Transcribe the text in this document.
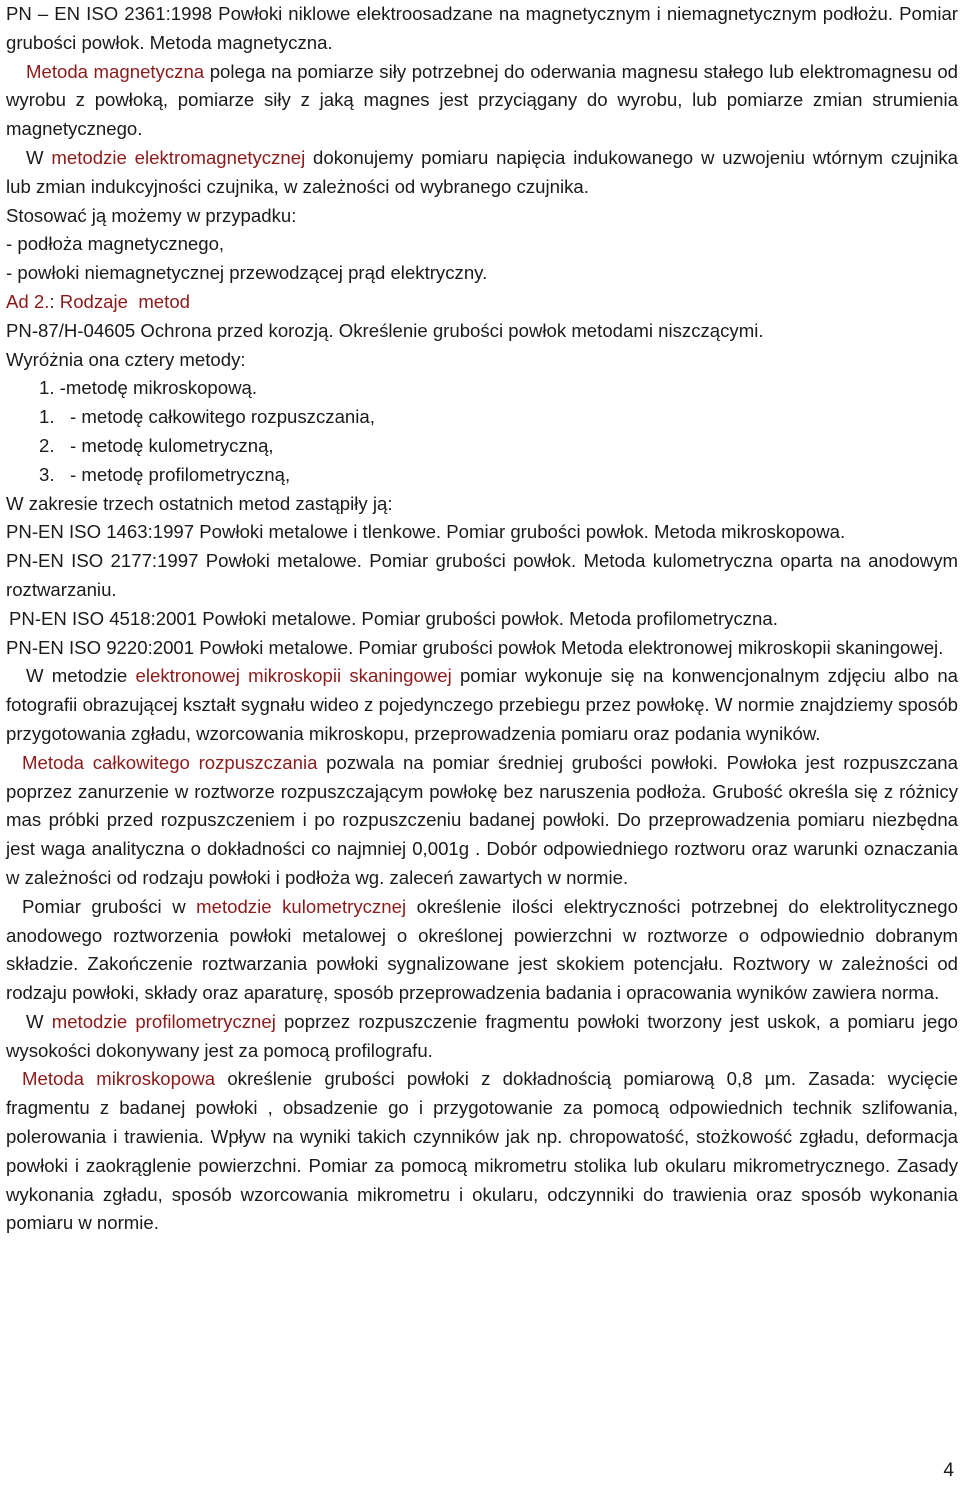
PN – EN ISO 2361:1998 Powłoki niklowe elektroosadzane na magnetycznym i niemagnetycznym podłożu. Pomiar grubości powłok. Metoda magnetyczna.

Metoda magnetyczna polega na pomiarze siły potrzebnej do oderwania magnesu stałego lub elektromagnesu od wyrobu z powłoką, pomiarze siły z jaką magnes jest przyciągany do wyrobu, lub pomiarze zmian strumienia magnetycznego.

W metodzie elektromagnetycznej dokonujemy pomiaru napięcia indukowanego w uzwojeniu wtórnym czujnika lub zmian indukcyjności czujnika, w zależności od wybranego czujnika.

Stosować ją możemy w przypadku:

- podłoża magnetycznego,

- powłoki niemagnetycznej przewodzącej prąd elektryczny.

Ad 2.: Rodzaje  metod

PN-87/H-04605 Ochrona przed korozją. Określenie grubości powłok metodami niszczącymi.

Wyróżnia ona cztery metody:

1. -metodę mikroskopową.

1.   - metodę całkowitego rozpuszczania,

2.   - metodę kulometryczną,

3.   - metodę profilometryczną,

W zakresie trzech ostatnich metod zastąpiły ją:

PN-EN ISO 1463:1997 Powłoki metalowe i tlenkowe. Pomiar grubości powłok. Metoda mikroskopowa.

PN-EN ISO 2177:1997 Powłoki metalowe. Pomiar grubości powłok. Metoda kulometryczna oparta na anodowym roztwarzaniu.

PN-EN ISO 4518:2001 Powłoki metalowe. Pomiar grubości powłok. Metoda profilometryczna.

PN-EN ISO 9220:2001 Powłoki metalowe. Pomiar grubości powłok Metoda elektronowej mikroskopii skaningowej.

W metodzie elektronowej mikroskopii skaningowej pomiar wykonuje się na konwencjonalnym zdjęciu albo na fotografii obrazującej kształt sygnału wideo z pojedynczego przebiegu przez powłokę. W normie znajdziemy sposób przygotowania zgładu, wzorcowania mikroskopu, przeprowadzenia pomiaru oraz podania wyników.

Metoda całkowitego rozpuszczania pozwala na pomiar średniej grubości powłoki. Powłoka jest rozpuszczana poprzez zanurzenie w roztworze rozpuszczającym powłokę bez naruszenia podłoża. Grubość określa się z różnicy mas próbki przed rozpuszczeniem i po rozpuszczeniu badanej powłoki. Do przeprowadzenia pomiaru niezbędna jest waga analityczna o dokładności co najmniej 0,001g . Dobór odpowiedniego roztworu oraz warunki oznaczania w zależności od rodzaju powłoki i podłoża wg. zaleceń zawartych w normie.

Pomiar grubości w metodzie kulometrycznej określenie ilości elektryczności potrzebnej do elektrolitycznego anodowego roztworzenia powłoki metalowej o określonej powierzchni w roztworze o odpowiednio dobranym składzie. Zakończenie roztwarzania powłoki sygnalizowane jest skokiem potencjału. Roztwory w zależności od rodzaju powłoki, składy oraz aparaturę, sposób przeprowadzenia badania i opracowania wyników zawiera norma.

W metodzie profilometrycznej poprzez rozpuszczenie fragmentu powłoki tworzony jest uskok, a pomiaru jego wysokości dokonywany jest za pomocą profilografu.

Metoda mikroskopowa określenie grubości powłoki z dokładnością pomiarową 0,8 µm. Zasada: wycięcie fragmentu z badanej powłoki , obsadzenie go i przygotowanie za pomocą odpowiednich technik szlifowania, polerowania i trawienia. Wpływ na wyniki takich czynników jak np. chropowatość, stożkowość zgładu, deformacja powłoki i zaokrąglenie powierzchni. Pomiar za pomocą mikrometru stolika lub okularu mikrometrycznego. Zasady wykonania zgładu, sposób wzorcowania mikrometru i okularu, odczynniki do trawienia oraz sposób wykonania pomiaru w normie.

4
